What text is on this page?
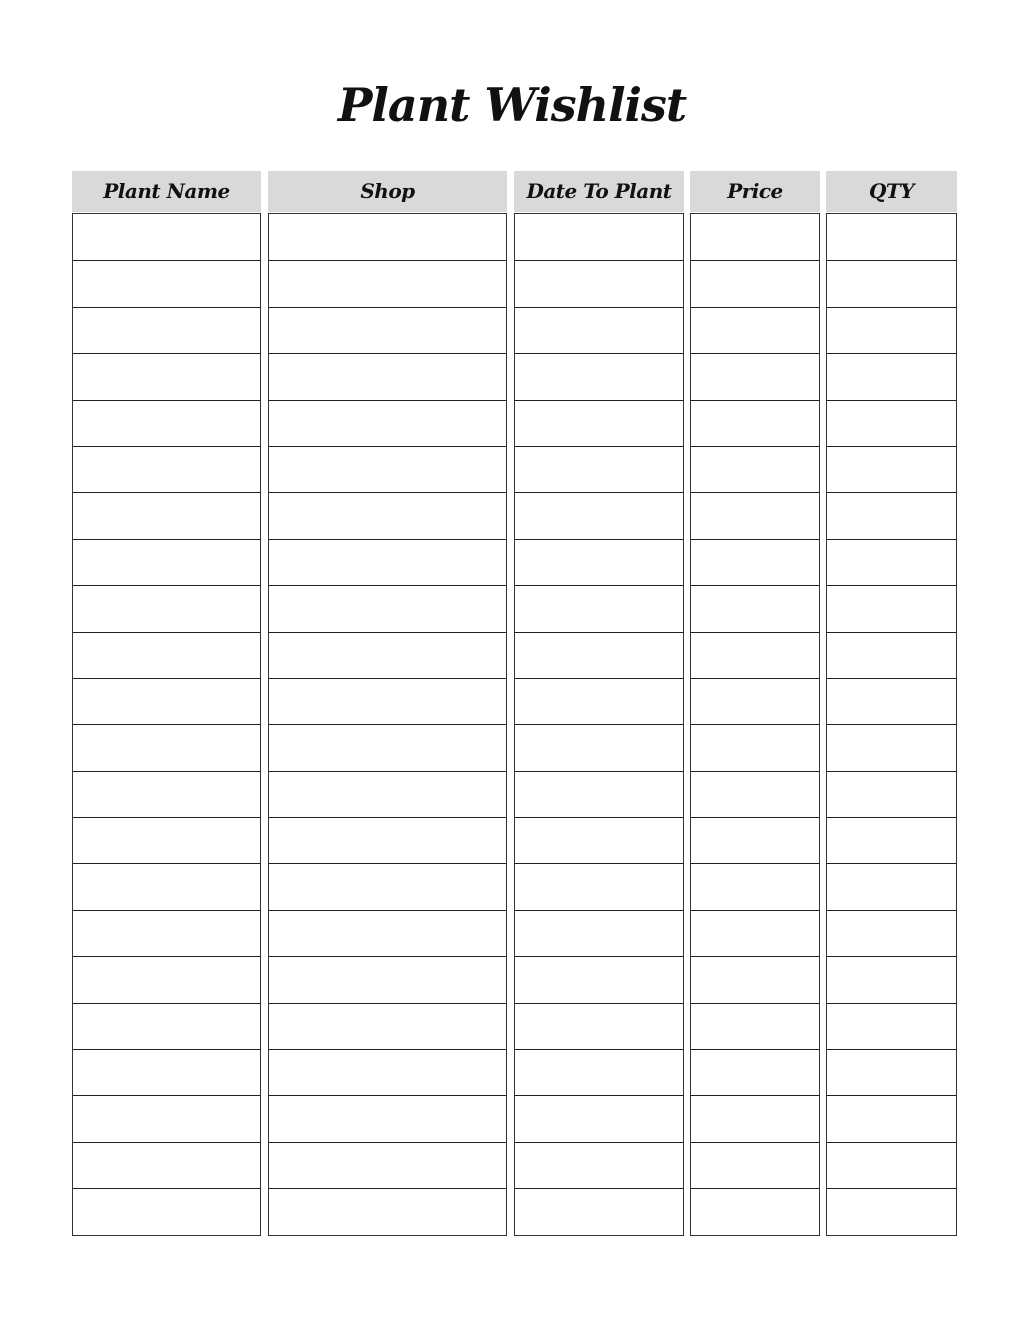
Plant Wishlist
Plant Name	Shop	Date To Plant	Price	QTY
